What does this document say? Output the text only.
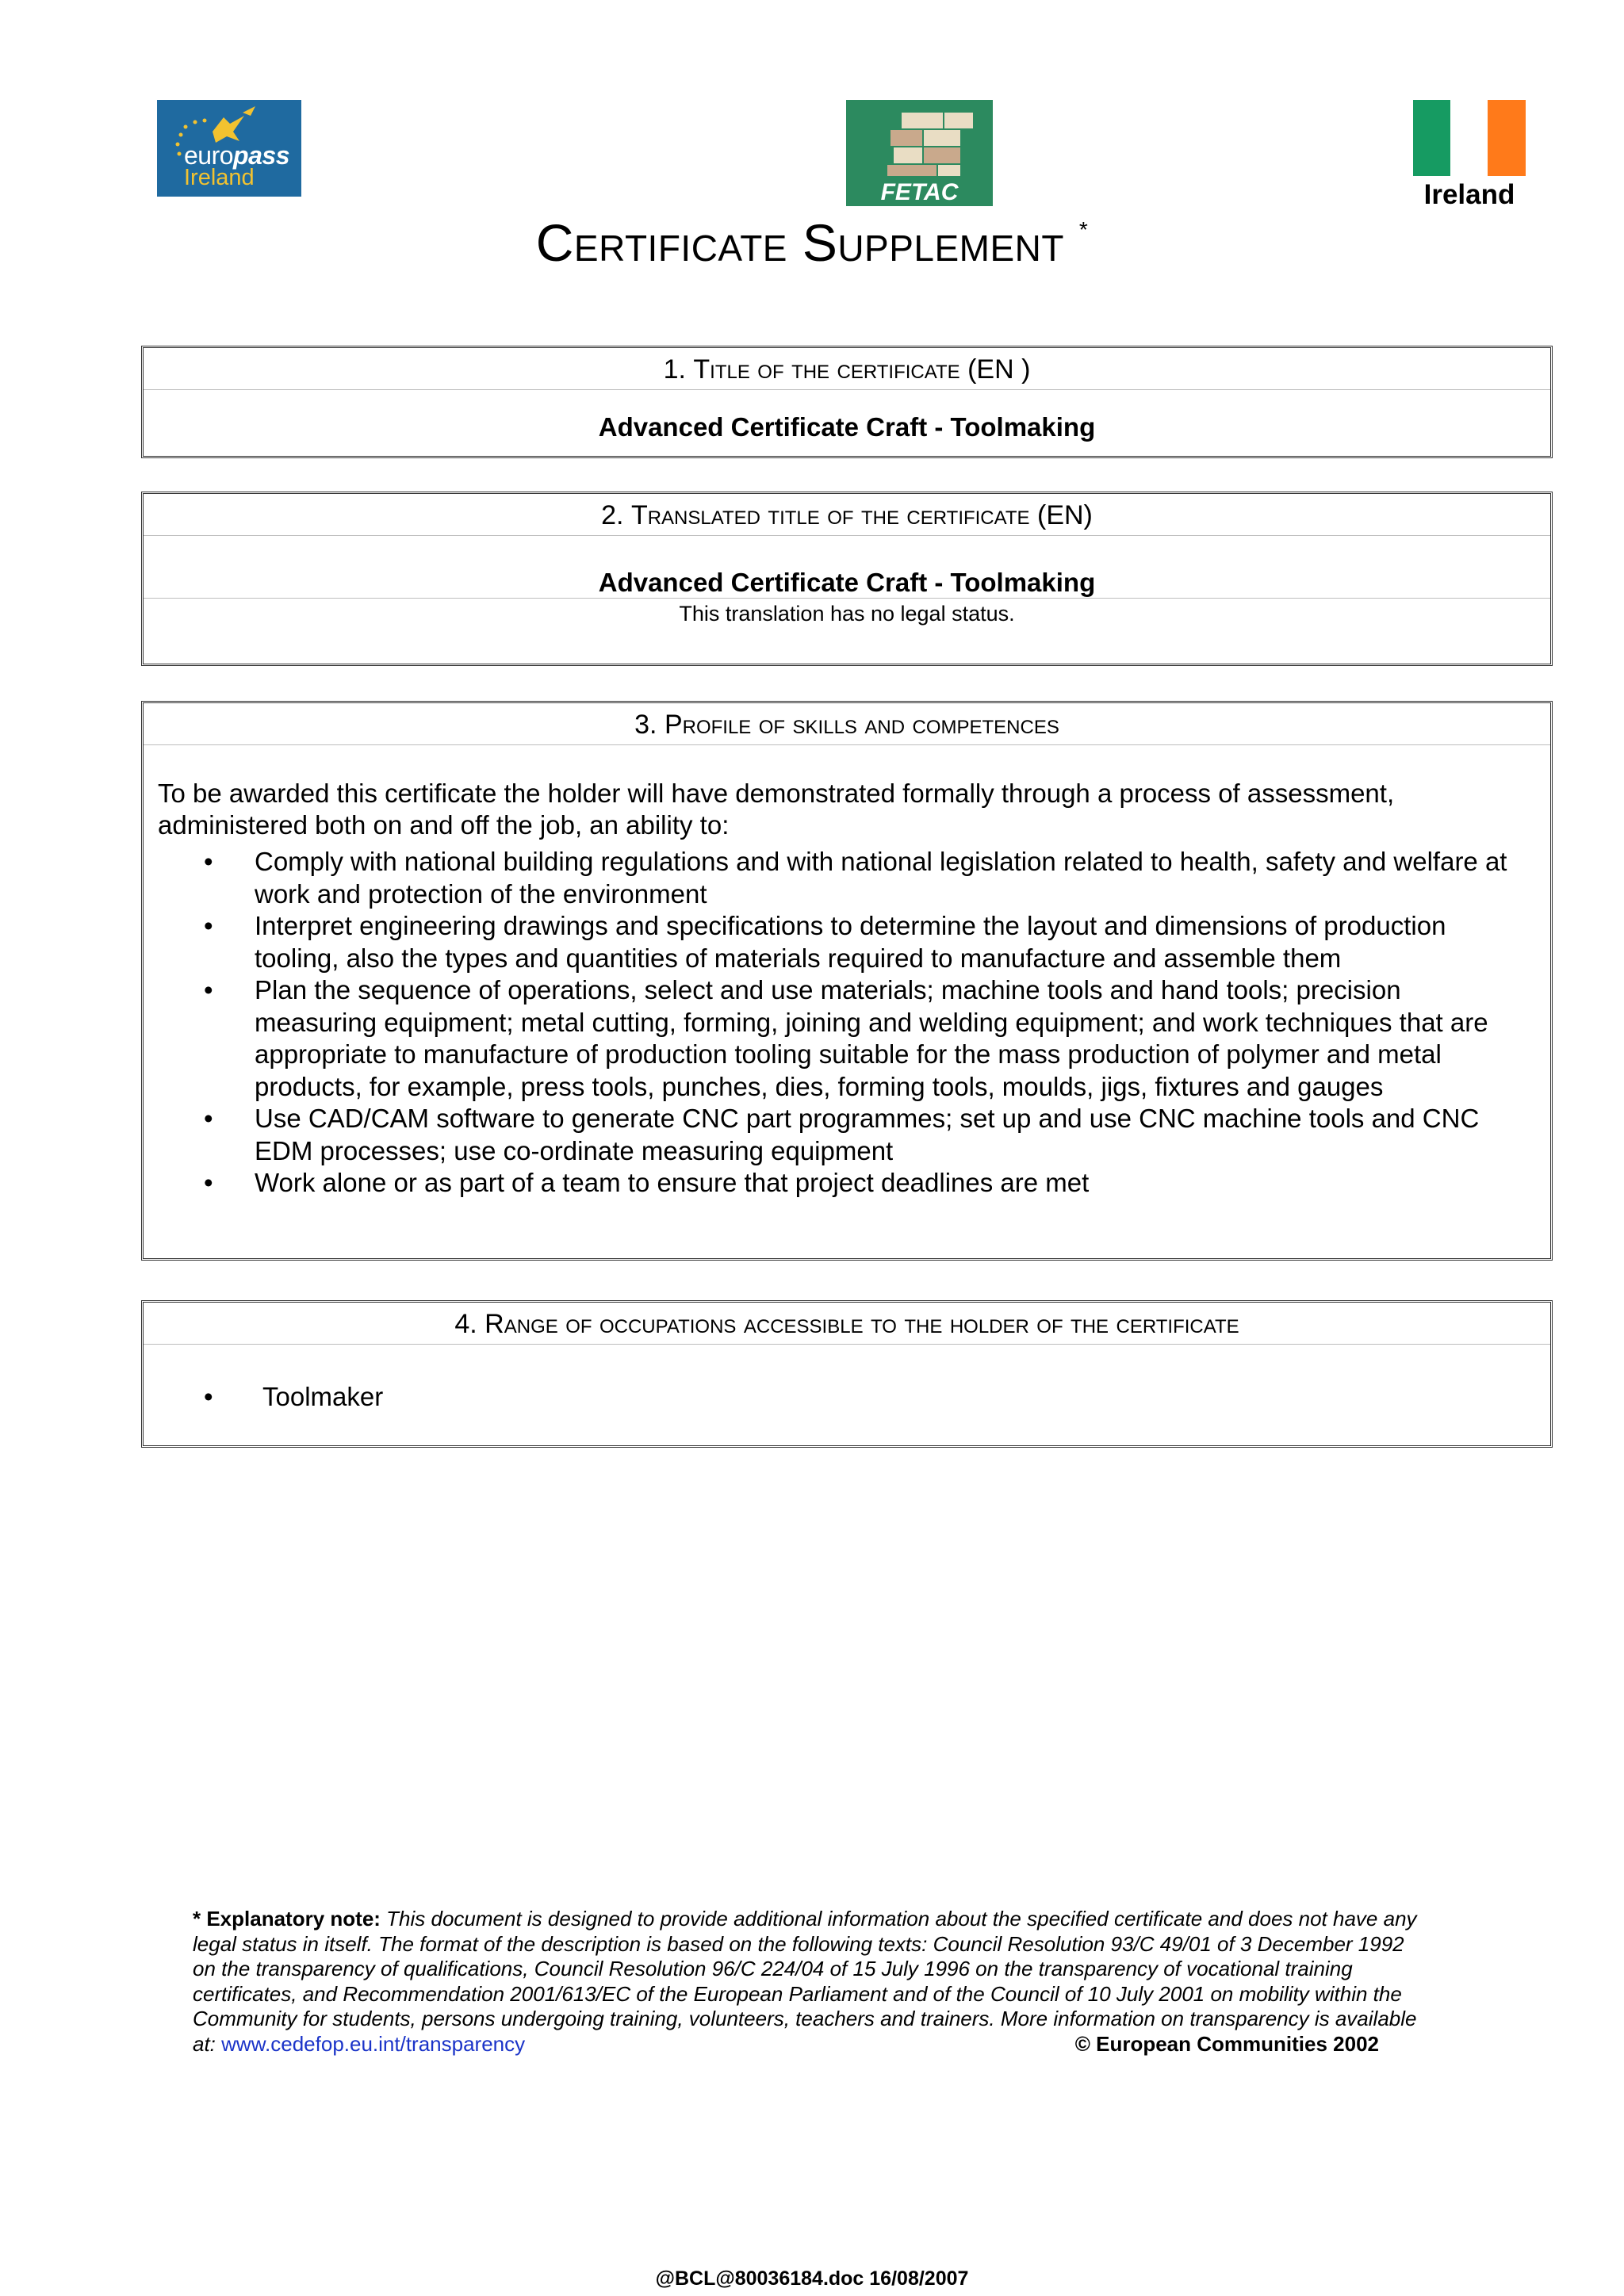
europass
Ireland
FETAC	Ireland
Certificate Supplement *
1. Title of the certificate (EN )
Advanced Certificate Craft - Toolmaking
2. Translated title of the certificate (EN)
Advanced Certificate Craft - Toolmaking
This translation has no legal status.
3. Profile of skills and competences
To be awarded this certificate the holder will have demonstrated formally through a process of assessment, administered both on and off the job, an ability to:
• Comply with national building regulations and with national legislation related to health, safety and welfare at work and protection of the environment
• Interpret engineering drawings and specifications to determine the layout and dimensions of production tooling, also the types and quantities of materials required to manufacture and assemble them
• Plan the sequence of operations, select and use materials; machine tools and hand tools; precision measuring equipment; metal cutting, forming, joining and welding equipment; and work techniques that are appropriate to manufacture of production tooling suitable for the mass production of polymer and metal products, for example, press tools, punches, dies, forming tools, moulds, jigs, fixtures and gauges
• Use CAD/CAM software to generate CNC part programmes; set up and use CNC machine tools and CNC EDM processes; use co-ordinate measuring equipment
• Work alone or as part of a team to ensure that project deadlines are met
4. Range of occupations accessible to the holder of the certificate
• Toolmaker
* Explanatory note: This document is designed to provide additional information about the specified certificate and does not have any legal status in itself. The format of the description is based on the following texts: Council Resolution 93/C 49/01 of 3 December 1992 on the transparency of qualifications, Council Resolution 96/C 224/04 of 15 July 1996 on the transparency of vocational training certificates, and Recommendation 2001/613/EC of the European Parliament and of the Council of 10 July 2001 on mobility within the Community for students, persons undergoing training, volunteers, teachers and trainers. More information on transparency is available at: www.cedefop.eu.int/transparency	© European Communities 2002
@BCL@80036184.doc 16/08/2007
